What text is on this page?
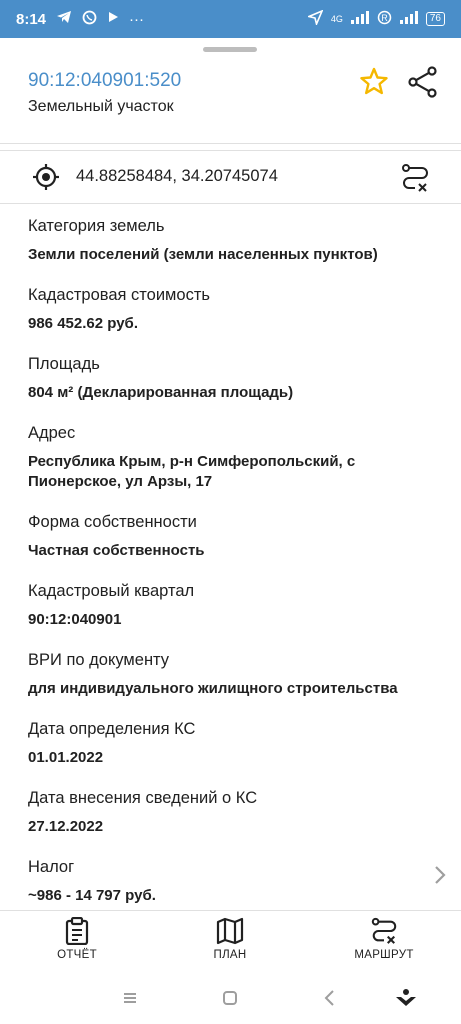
8:14	···	4G	R	76
90:12:040901:520
Земельный участок
44.88258484, 34.20745074
Категория земель
Земли поселений (земли населенных пунктов)
Кадастровая стоимость
986 452.62 руб.
Площадь
804 м² (Декларированная площадь)
Адрес
Республика Крым, р-н Симферопольский, с Пионерское, ул Арзы, 17
Форма собственности
Частная собственность
Кадастровый квартал
90:12:040901
ВРИ по документу
для индивидуального жилищного строительства
Дата определения КС
01.01.2022
Дата внесения сведений о КС
27.12.2022
Налог
~986 - 14 797 руб.
ОТЧЁТ	ПЛАН	МАРШРУТ
